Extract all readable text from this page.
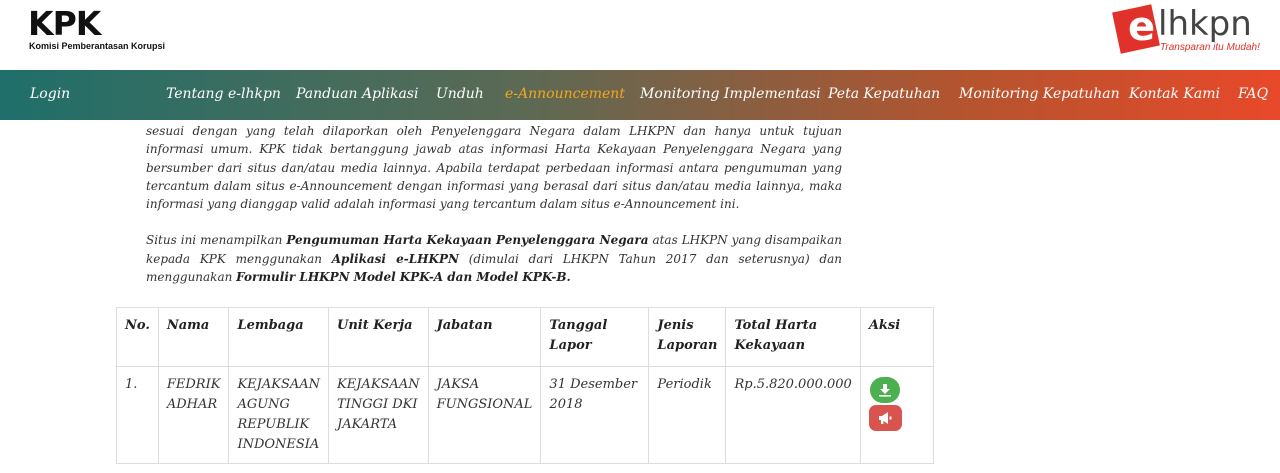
KPK
Komisi Pemberantasan Korupsi	e lhkpn
Transparan itu Mudah!
Login	Tentang e-lhkpn Panduan Aplikasi Unduh e-Announcement Monitoring Implementasi Peta Kepatuhan Monitoring Kepatuhan Kontak Kami FAQ

sesuai dengan yang telah dilaporkan oleh Penyelenggara Negara dalam LHKPN dan hanya untuk tujuan informasi umum. KPK tidak bertanggung jawab atas informasi Harta Kekayaan Penyelenggara Negara yang bersumber dari situs dan/atau media lainnya. Apabila terdapat perbedaan informasi antara pengumuman yang tercantum dalam situs e-Announcement dengan informasi yang berasal dari situs dan/atau media lainnya, maka informasi yang dianggap valid adalah informasi yang tercantum dalam situs e-Announcement ini.

Situs ini menampilkan Pengumuman Harta Kekayaan Penyelenggara Negara atas LHKPN yang disampaikan kepada KPK menggunakan Aplikasi e-LHKPN (dimulai dari LHKPN Tahun 2017 dan seterusnya) dan menggunakan Formulir LHKPN Model KPK-A dan Model KPK-B.

No.	Nama	Lembaga	Unit Kerja	Jabatan	Tanggal Lapor	Jenis Laporan	Total Harta Kekayaan	Aksi
1.	FEDRIK ADHAR	KEJAKSAAN AGUNG REPUBLIK INDONESIA	KEJAKSAAN TINGGI DKI JAKARTA	JAKSA FUNGSIONAL	31 Desember 2018	Periodik	Rp.5.820.000.000	
